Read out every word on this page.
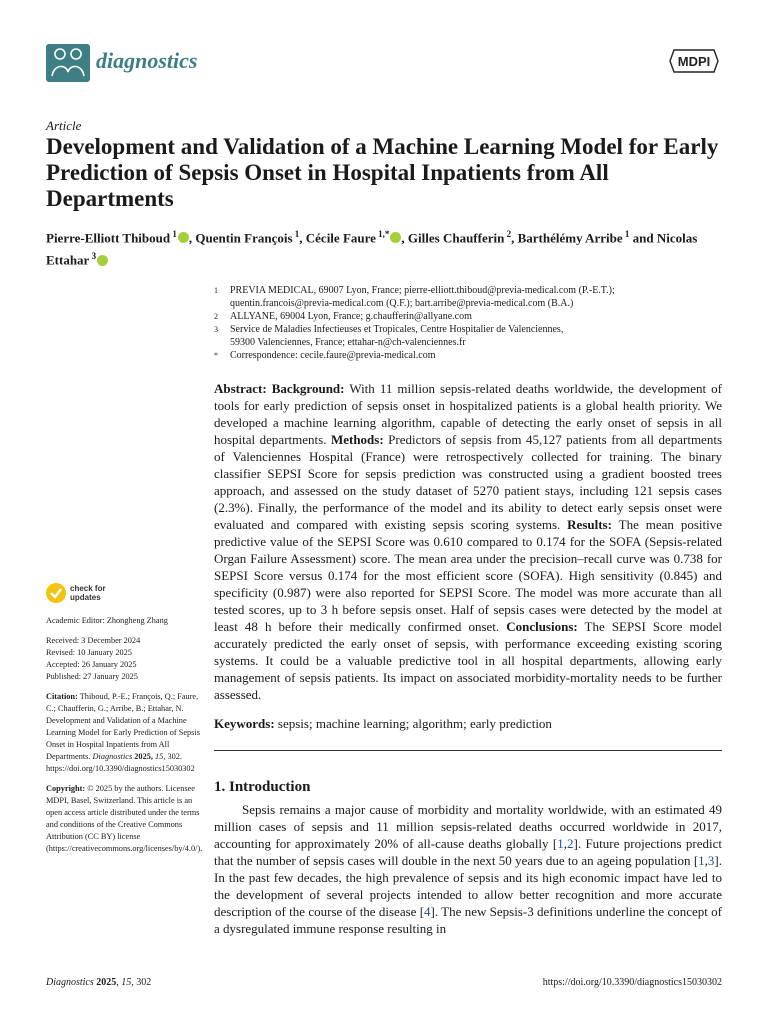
diagnostics	MDPI
Article
Development and Validation of a Machine Learning Model for Early Prediction of Sepsis Onset in Hospital Inpatients from All Departments
Pierre-Elliott Thiboud $^1$ , Quentin François $^1$, Cécile Faure $^{1,*}$ , Gilles Chaufferin $^2$, Barthélémy Arribe $^1$ and Nicolas Ettahar $^3$
1	PREVIA MEDICAL, 69007 Lyon, France; pierre-elliott.thiboud@previa-medical.com (P.-E.T.);
quentin.francois@previa-medical.com (Q.F.); bart.arribe@previa-medical.com (B.A.)
2	ALLYANE, 69004 Lyon, France; g.chaufferin@allyane.com
3	Service de Maladies Infectieuses et Tropicales, Centre Hospitalier de Valenciennes,
59300 Valenciennes, France; ettahar-n@ch-valenciennes.fr
*	Correspondence: cecile.faure@previa-medical.com
Abstract: Background: With 11 million sepsis-related deaths worldwide, the development of tools for early prediction of sepsis onset in hospitalized patients is a global health priority. We developed a machine learning algorithm, capable of detecting the early onset of sepsis in all hospital departments. Methods: Predictors of sepsis from 45,127 patients from all departments of Valenciennes Hospital (France) were retrospectively collected for training. The binary classifier SEPSI Score for sepsis prediction was constructed using a gradient boosted trees approach, and assessed on the study dataset of 5270 patient stays, including 121 sepsis cases (2.3%). Finally, the performance of the model and its ability to detect early sepsis onset were evaluated and compared with existing sepsis scoring systems. Results: The mean positive predictive value of the SEPSI Score was 0.610 compared to 0.174 for the SOFA (Sepsis-related Organ Failure Assessment) score. The mean area under the precision–recall curve was 0.738 for SEPSI Score versus 0.174 for the most efficient score (SOFA). High sensitivity (0.845) and specificity (0.987) were also reported for SEPSI Score. The model was more accurate than all tested scores, up to 3 h before sepsis onset. Half of sepsis cases were detected by the model at least 48 h before their medically confirmed onset. Conclusions: The SEPSI Score model accurately predicted the early onset of sepsis, with performance exceeding existing scoring systems. It could be a valuable predictive tool in all hospital departments, allowing early management of sepsis patients. Its impact on associated morbidity-mortality needs to be further assessed.
Keywords: sepsis; machine learning; algorithm; early prediction
1. Introduction
Sepsis remains a major cause of morbidity and mortality worldwide, with an estimated 49 million cases of sepsis and 11 million sepsis-related deaths occurred worldwide in 2017, accounting for approximately 20% of all-cause deaths globally [1,2]. Future projections predict that the number of sepsis cases will double in the next 50 years due to an ageing population [1,3]. In the past few decades, the high prevalence of sepsis and its high economic impact have led to the development of several projects intended to allow better recognition and more accurate description of the course of the disease [4]. The new Sepsis-3 definitions underline the concept of a dysregulated immune response resulting in
check for
updates
Academic Editor: Zhongheng Zhang
Received: 3 December 2024
Revised: 10 January 2025
Accepted: 26 January 2025
Published: 27 January 2025
Citation: Thiboud, P.-E.; François, Q.; Faure, C.; Chaufferin, G.; Arribe, B.; Ettahar, N. Development and Validation of a Machine Learning Model for Early Prediction of Sepsis Onset in Hospital Inpatients from All Departments. Diagnostics 2025, 15, 302. https://doi.org/10.3390/diagnostics15030302
Copyright: © 2025 by the authors. Licensee MDPI, Basel, Switzerland. This article is an open access article distributed under the terms and conditions of the Creative Commons Attribution (CC BY) license (https://creativecommons.org/licenses/by/4.0/).
Diagnostics 2025, 15, 302	https://doi.org/10.3390/diagnostics15030302
